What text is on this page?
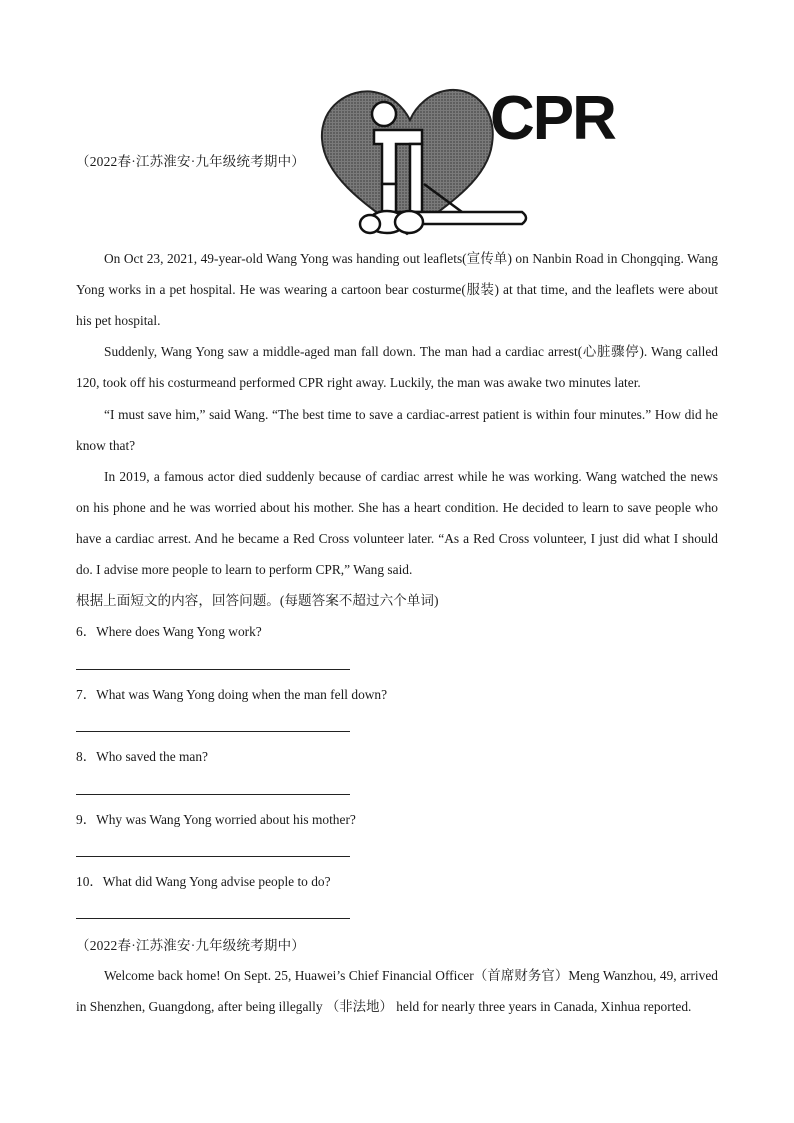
（2022春·江苏淮安·九年级统考期中）
CPR

On Oct 23, 2021, 49-year-old Wang Yong was handing out leaflets(宣传单) on Nanbin Road in Chongqing. Wang Yong works in a pet hospital. He was wearing a cartoon bear costurme(服装) at that time, and the leaflets were about his pet hospital.

Suddenly, Wang Yong saw a middle-aged man fall down. The man had a cardiac arrest(心脏骤停). Wang called 120, took off his costurmeand performed CPR right away. Luckily, the man was awake two minutes later.

“I must save him,” said Wang. “The best time to save a cardiac-arrest patient is within four minutes.” How did he know that?

In 2019, a famous actor died suddenly because of cardiac arrest while he was working. Wang watched the news on his phone and he was worried about his mother. She has a heart condition. He decided to learn to save people who have a cardiac arrest. And he became a Red Cross volunteer later. “As a Red Cross volunteer, I just did what I should do. I advise more people to learn to perform CPR,” Wang said.

根据上面短文的内容，回答问题。(每题答案不超过六个单词)
6．Where does Wang Yong work?
7．What was Wang Yong doing when the man fell down?
8．Who saved the man?
9．Why was Wang Yong worried about his mother?
10．What did Wang Yong advise people to do?
（2022春·江苏淮安·九年级统考期中）

Welcome back home! On Sept. 25, Huawei’s Chief Financial Officer（首席财务官）Meng Wanzhou, 49, arrived in Shenzhen, Guangdong, after being illegally （非法地） held for nearly three years in Canada, Xinhua reported.
